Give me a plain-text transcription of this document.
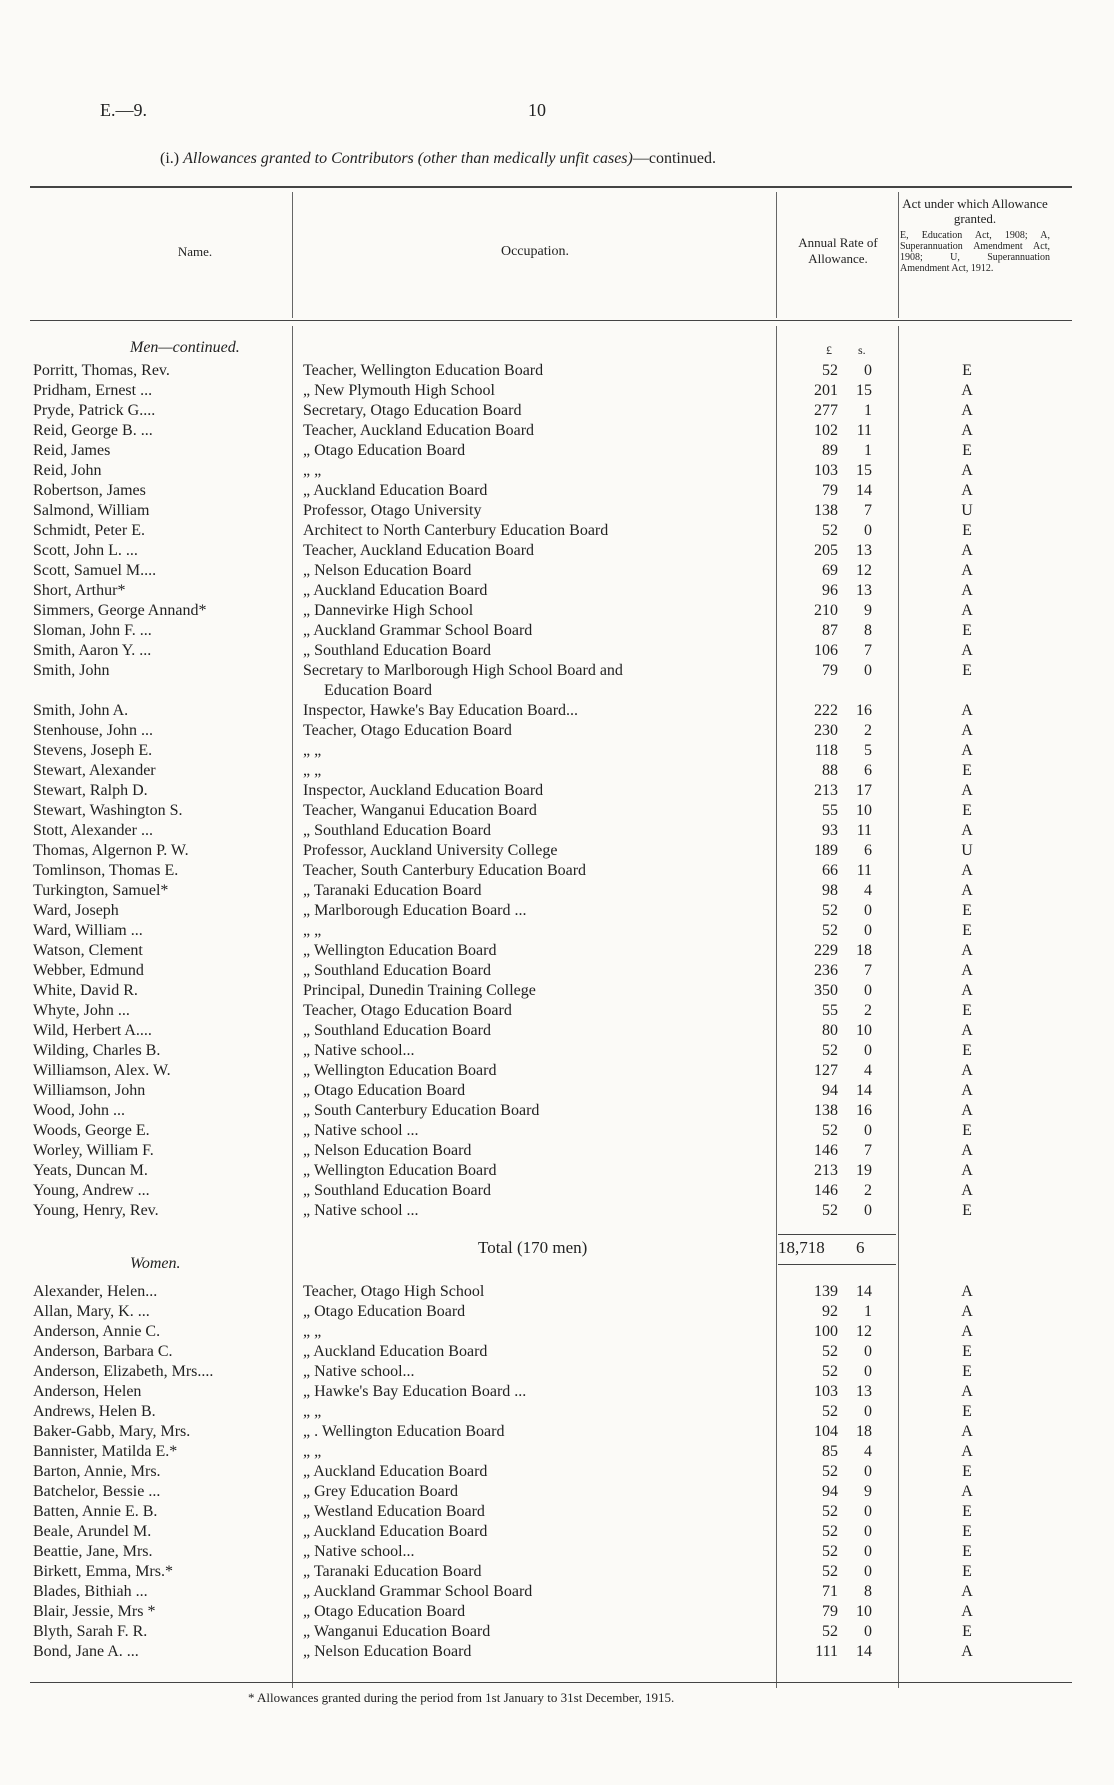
E.—9.	10
(i.) Allowances granted to Contributors (other than medically unfit cases)—continued.
Name.	Occupation.
Annual Rate of Allowance.
Act under which Allowance granted.
E, Education Act, 1908; A, Superannuation Amendment Act, 1908; U, Superannuation Amendment Act, 1912.
Men—continued.	£ s.
Porritt, Thomas, Rev.	Teacher, Wellington Education Board	52	0	E
Pridham, Ernest ...	„ New Plymouth High School	201	15	A
Pryde, Patrick G....	Secretary, Otago Education Board	277	1	A
Reid, George B. ...	Teacher, Auckland Education Board	102	11	A
Reid, James	„ Otago Education Board	89	1	E
Reid, John	„ „	103	15	A
Robertson, James	„ Auckland Education Board	79	14	A
Salmond, William	Professor, Otago University	138	7	U
Schmidt, Peter E.	Architect to North Canterbury Education Board	52	0	E
Scott, John L. ...	Teacher, Auckland Education Board	205	13	A
Scott, Samuel M....	„ Nelson Education Board	69	12	A
Short, Arthur*	„ Auckland Education Board	96	13	A
Simmers, George Annand*	„ Dannevirke High School	210	9	A
Sloman, John F. ...	„ Auckland Grammar School Board	87	8	E
Smith, Aaron Y. ...	„ Southland Education Board	106	7	A
Smith, John	Secretary to Marlborough High School Board and	79	0	E
Education Board
Smith, John A.	Inspector, Hawke's Bay Education Board...	222	16	A
Stenhouse, John ...	Teacher, Otago Education Board	230	2	A
Stevens, Joseph E.	„ „	118	5	A
Stewart, Alexander	„ „	88	6	E
Stewart, Ralph D.	Inspector, Auckland Education Board	213	17	A
Stewart, Washington S.	Teacher, Wanganui Education Board	55	10	E
Stott, Alexander ...	„ Southland Education Board	93	11	A
Thomas, Algernon P. W.	Professor, Auckland University College	189	6	U
Tomlinson, Thomas E.	Teacher, South Canterbury Education Board	66	11	A
Turkington, Samuel*	„ Taranaki Education Board	98	4	A
Ward, Joseph	„ Marlborough Education Board ...	52	0	E
Ward, William ...	„ „	52	0	E
Watson, Clement	„ Wellington Education Board	229	18	A
Webber, Edmund	„ Southland Education Board	236	7	A
White, David R.	Principal, Dunedin Training College	350	0	A
Whyte, John ...	Teacher, Otago Education Board	55	2	E
Wild, Herbert A....	„ Southland Education Board	80	10	A
Wilding, Charles B.	„ Native school...	52	0	E
Williamson, Alex. W.	„ Wellington Education Board	127	4	A
Williamson, John	„ Otago Education Board	94	14	A
Wood, John ...	„ South Canterbury Education Board	138	16	A
Woods, George E.	„ Native school ...	52	0	E
Worley, William F.	„ Nelson Education Board	146	7	A
Yeats, Duncan M.	„ Wellington Education Board	213	19	A
Young, Andrew ...	„ Southland Education Board	146	2	A
Young, Henry, Rev.	„ Native school ...	52	0	E
Total (170 men)	18,718 6
Women.
Alexander, Helen...	Teacher, Otago High School	139	14	A
Allan, Mary, K. ...	„ Otago Education Board	92	1	A
Anderson, Annie C.	„ „	100	12	A
Anderson, Barbara C.	„ Auckland Education Board	52	0	E
Anderson, Elizabeth, Mrs....	„ Native school...	52	0	E
Anderson, Helen	„ Hawke's Bay Education Board ...	103	13	A
Andrews, Helen B.	„ „	52	0	E
Baker-Gabb, Mary, Mrs.	„ . Wellington Education Board	104	18	A
Bannister, Matilda E.*	„ „	85	4	A
Barton, Annie, Mrs.	„ Auckland Education Board	52	0	E
Batchelor, Bessie ...	„ Grey Education Board	94	9	A
Batten, Annie E. B.	„ Westland Education Board	52	0	E
Beale, Arundel M.	„ Auckland Education Board	52	0	E
Beattie, Jane, Mrs.	„ Native school...	52	0	E
Birkett, Emma, Mrs.*	„ Taranaki Education Board	52	0	E
Blades, Bithiah ...	„ Auckland Grammar School Board	71	8	A
Blair, Jessie, Mrs *	„ Otago Education Board	79	10	A
Blyth, Sarah F. R.	„ Wanganui Education Board	52	0	E
Bond, Jane A. ...	„ Nelson Education Board	111	14	A
* Allowances granted during the period from 1st January to 31st December, 1915.
